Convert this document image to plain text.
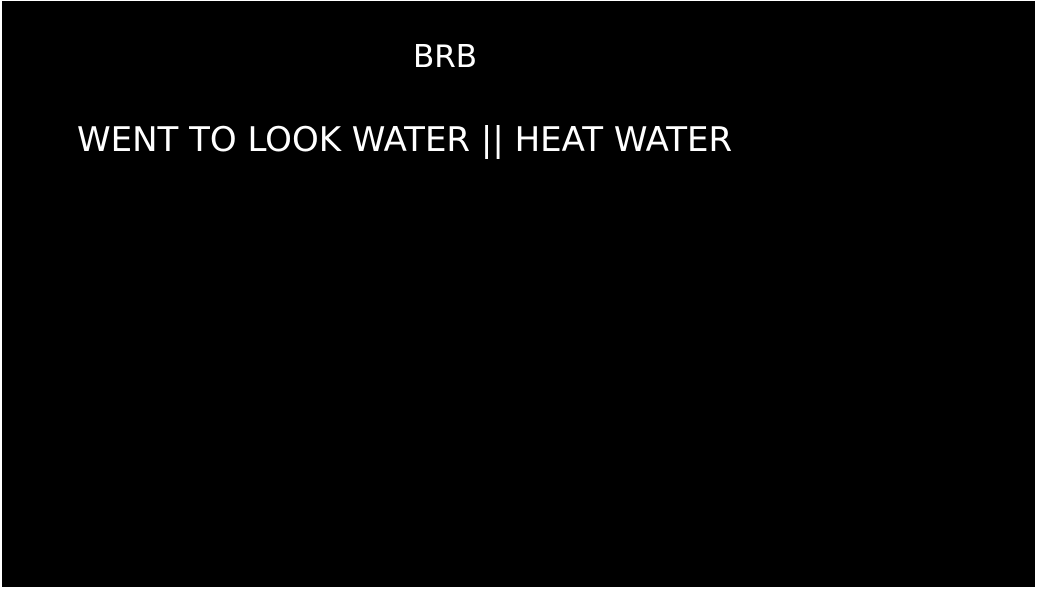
BRB
WENT TO LOOK WATER || HEAT WATER
